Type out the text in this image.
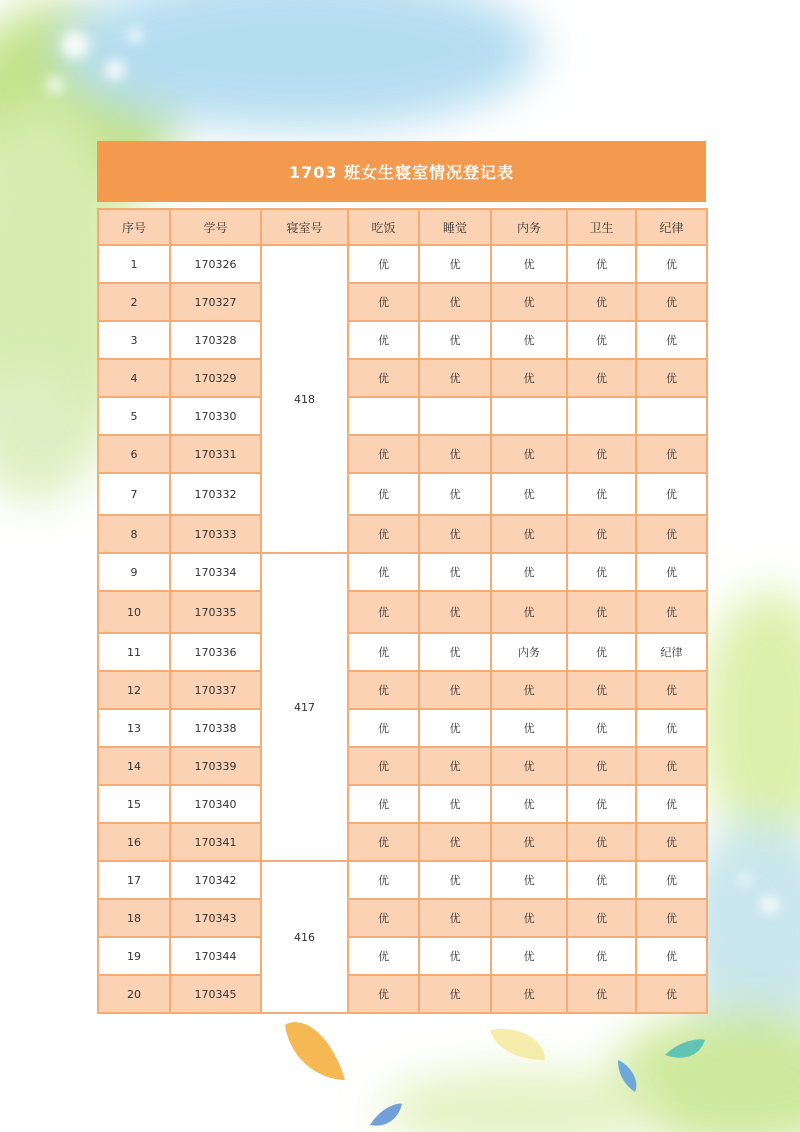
1703 班女生寝室情况登记表
序号	学号	寝室号	吃饭	睡觉	内务	卫生	纪律
1	170326	418	优	优	优	优	优
2	170327		优	优	优	优	优
3	170328		优	优	优	优	优
4	170329		优	优	优	优	优
5	170330						
6	170331		优	优	优	优	优
7	170332		优	优	优	优	优
8	170333		优	优	优	优	优
9	170334	417	优	优	优	优	优
10	170335		优	优	优	优	优
11	170336		优	优	内务	优	纪律
12	170337		优	优	优	优	优
13	170338		优	优	优	优	优
14	170339		优	优	优	优	优
15	170340		优	优	优	优	优
16	170341		优	优	优	优	优
17	170342	416	优	优	优	优	优
18	170343		优	优	优	优	优
19	170344		优	优	优	优	优
20	170345		优	优	优	优	优
